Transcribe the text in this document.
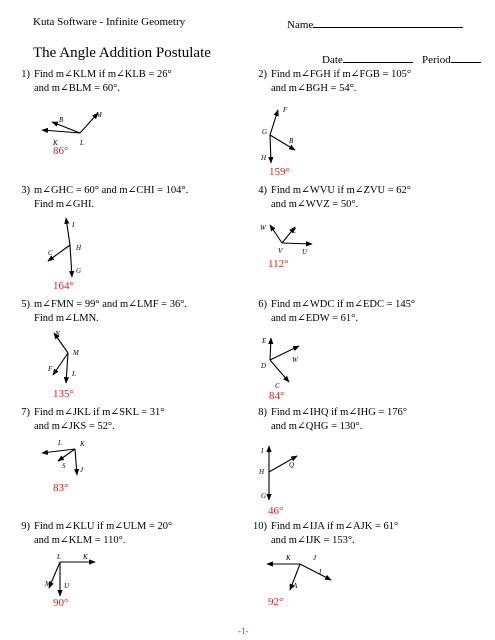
Kuta Software - Infinite Geometry	Name
The Angle Addition Postulate	Date	Period
1) Find m∠KLM if m∠KLB = 26°
and m∠BLM = 60°.
B
M
K	L
86°
2) Find m∠FGH if m∠FGB = 105°
and m∠BGH = 54°.
F
G
B
H
159°
3) m∠GHC = 60° and m∠CHI = 104°.
Find m∠GHI.
I
C
H
G
164°
4) Find m∠WVU if m∠ZVU = 62°
and m∠WVZ = 50°.
W	Z
V	U
112°
5) m∠FMN = 99° and m∠LMF = 36°.
Find m∠LMN.
N
M
F
L
135°
6) Find m∠WDC if m∠EDC = 145°
and m∠EDW = 61°.
E
W
D
C
84°
7) Find m∠JKL if m∠SKL = 31°
and m∠JKS = 52°.
L	K
S J
83°
8) Find m∠IHQ if m∠IHG = 176°
and m∠QHG = 130°.
I
Q
H
G
46°
9) Find m∠KLU if m∠ULM = 20°
and m∠KLM = 110°.
L	K
M U
90°
10) Find m∠IJA if m∠AJK = 61°
and m∠IJK = 153°.
K	J
I
A
92°
-1-
